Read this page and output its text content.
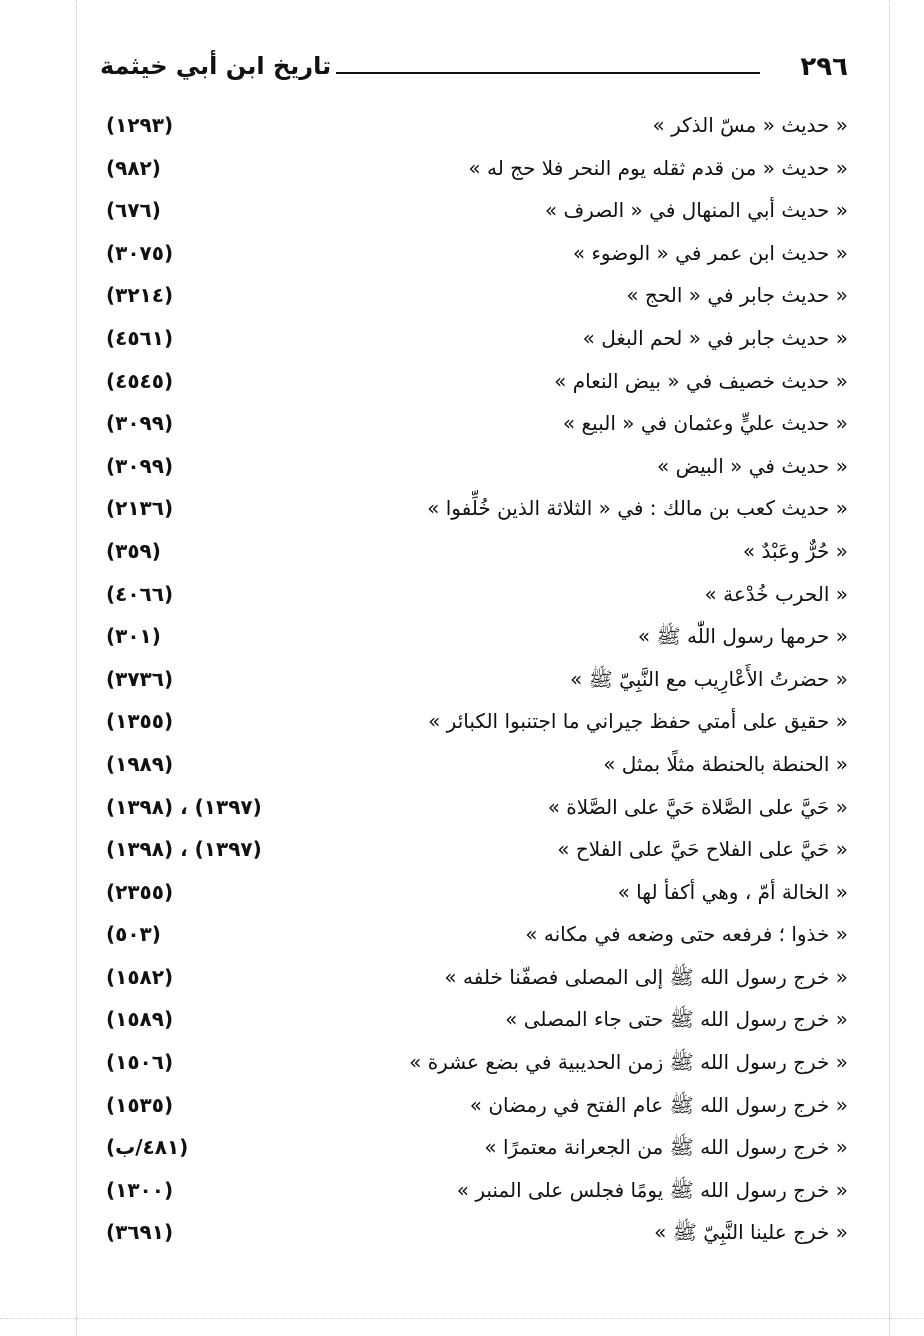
٢٩٦
تاريخ ابن أبي خيثمة
« حديث « مسّ الذكر »
(١٢٩٣)
« حديث « من قدم ثقله يوم النحر فلا حج له »
(٩٨٢)
« حديث أبي المنهال في « الصرف »
(٦٧٦)
« حديث ابن عمر في « الوضوء »
(٣٠٧٥)
« حديث جابر في « الحج »
(٣٢١٤)
« حديث جابر في « لحم البغل »
(٤٥٦١)
« حديث خصيف في « بيض النعام »
(٤٥٤٥)
« حديث عليٍّ وعثمان في « البيع »
(٣٠٩٩)
« حديث في « البيض »
(٣٠٩٩)
« حديث كعب بن مالك : في « الثلاثة الذين خُلِّفوا »
(٢١٣٦)
« حُرٌّ وعَبْدٌ »
(٣٥٩)
« الحرب خُدْعة »
(٤٠٦٦)
« حرمها رسول اللّٰه ﷺ »
(٣٠١)
« حضرتُ الأَعْارِيب مع النَّبِيّ ﷺ »
(٣٧٣٦)
« حقيق على أمتي حفظ جيراني ما اجتنبوا الكبائر »
(١٣٥٥)
« الحنطة بالحنطة مثلًا بمثل »
(١٩٨٩)
« حَيَّ على الصَّلاة حَيَّ على الصَّلاة »
(١٣٩٧) ، (١٣٩٨)
« حَيَّ على الفلاح حَيَّ على الفلاح »
(١٣٩٧) ، (١٣٩٨)
« الخالة أمّ ، وهي أكفأ لها »
(٢٣٥٥)
« خذوا ؛ فرفعه حتى وضعه في مكانه »
(٥٠٣)
« خرج رسول الله ﷺ إلى المصلى فصفّنا خلفه »
(١٥٨٢)
« خرج رسول الله ﷺ حتى جاء المصلى »
(١٥٨٩)
« خرج رسول الله ﷺ زمن الحديبية في بضع عشرة »
(١٥٠٦)
« خرج رسول الله ﷺ عام الفتح في رمضان »
(١٥٣٥)
« خرج رسول الله ﷺ من الجعرانة معتمرًا »
(٤٨١/ب)
« خرج رسول الله ﷺ يومًا فجلس على المنبر »
(١٣٠٠)
« خرج علينا النَّبِيّ ﷺ »
(٣٦٩١)
